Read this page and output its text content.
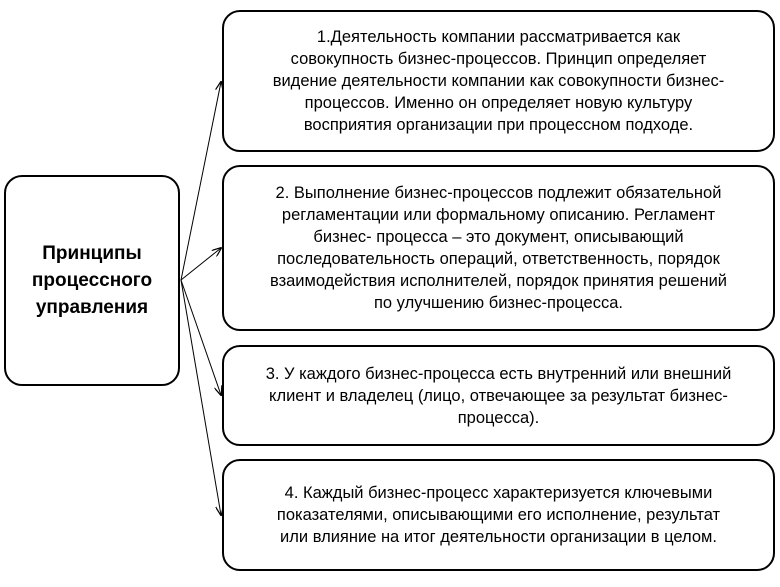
Принципы
процессного
управления
1.Деятельность компании рассматривается как
совокупность бизнес-процессов. Принцип определяет
видение деятельности компании как совокупности бизнес-
процессов. Именно он определяет новую культуру
восприятия организации при процессном подходе.
2. Выполнение бизнес-процессов подлежит обязательной
регламентации или формальному описанию. Регламент
бизнес- процесса – это документ, описывающий
последовательность операций, ответственность, порядок
взаимодействия исполнителей, порядок принятия решений
по улучшению бизнес-процесса.
3. У каждого бизнес-процесса есть внутренний или внешний
клиент и владелец (лицо, отвечающее за результат бизнес-
процесса).
4. Каждый бизнес-процесс характеризуется ключевыми
показателями, описывающими его исполнение, результат
или влияние на итог деятельности организации в целом.
